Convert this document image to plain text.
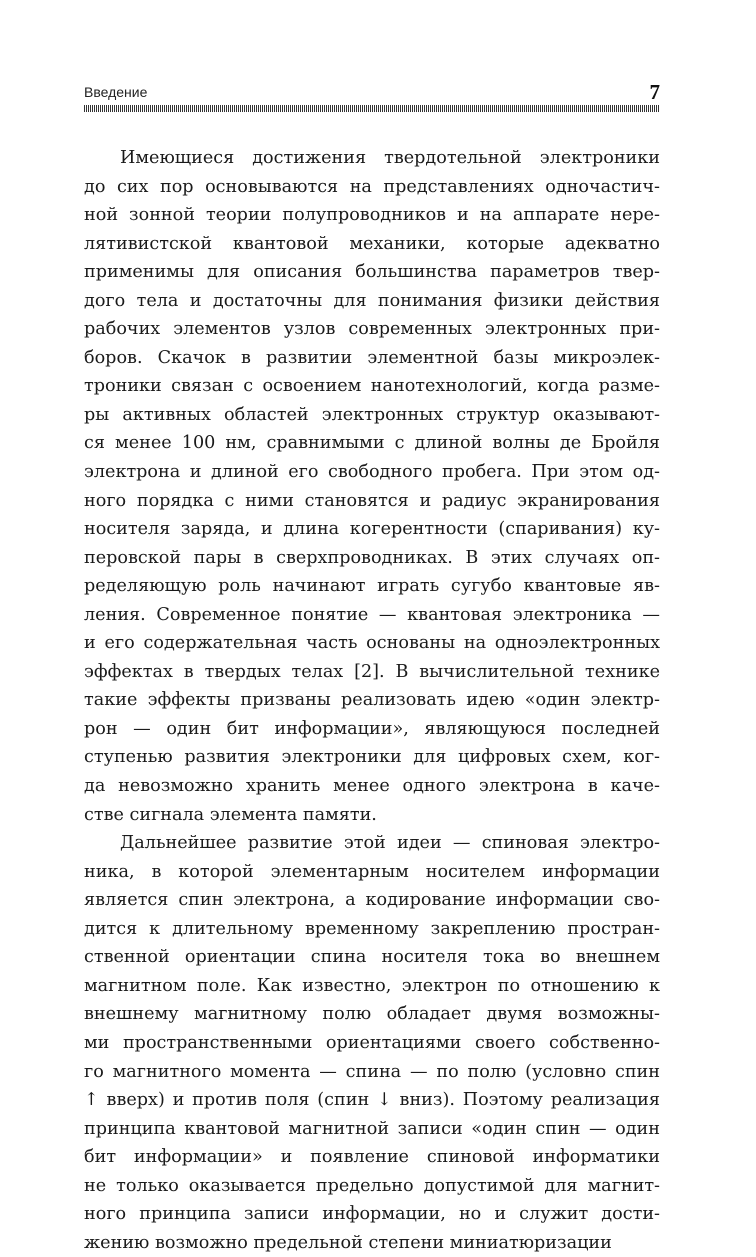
Введение	7

Имеющиеся достижения твердотельной электроники
до сих пор основываются на представлениях одночастич-
ной зонной теории полупроводников и на аппарате нере-
лятивистской квантовой механики, которые адекватно
применимы для описания большинства параметров твер-
дого тела и достаточны для понимания физики действия
рабочих элементов узлов современных электронных при-
боров. Скачок в развитии элементной базы микроэлек-
троники связан с освоением нанотехнологий, когда разме-
ры активных областей электронных структур оказывают-
ся менее 100 нм, сравнимыми с длиной волны де Бройля
электрона и длиной его свободного пробега. При этом од-
ного порядка с ними становятся и радиус экранирования
носителя заряда, и длина когерентности (спаривания) ку-
перовской пары в сверхпроводниках. В этих случаях оп-
ределяющую роль начинают играть сугубо квантовые яв-
ления. Современное понятие — квантовая электроника —
и его содержательная часть основаны на одноэлектронных
эффектах в твердых телах [2]. В вычислительной технике
такие эффекты призваны реализовать идею «один электр-
рон — один бит информации», являющуюся последней
ступенью развития электроники для цифровых схем, ког-
да невозможно хранить менее одного электрона в каче-
стве сигнала элемента памяти.

Дальнейшее развитие этой идеи — спиновая электро-
ника, в которой элементарным носителем информации
является спин электрона, а кодирование информации сво-
дится к длительному временному закреплению простран-
ственной ориентации спина носителя тока во внешнем
магнитном поле. Как известно, электрон по отношению к
внешнему магнитному полю обладает двумя возможны-
ми пространственными ориентациями своего собственно-
го магнитного момента — спина — по полю (условно спин
↑ вверх) и против поля (спин ↓ вниз). Поэтому реализация
принципа квантовой магнитной записи «один спин — один
бит информации» и появление спиновой информатики
не только оказывается предельно допустимой для магнит-
ного принципа записи информации, но и служит дости-
жению возможно предельной степени миниатюризации
